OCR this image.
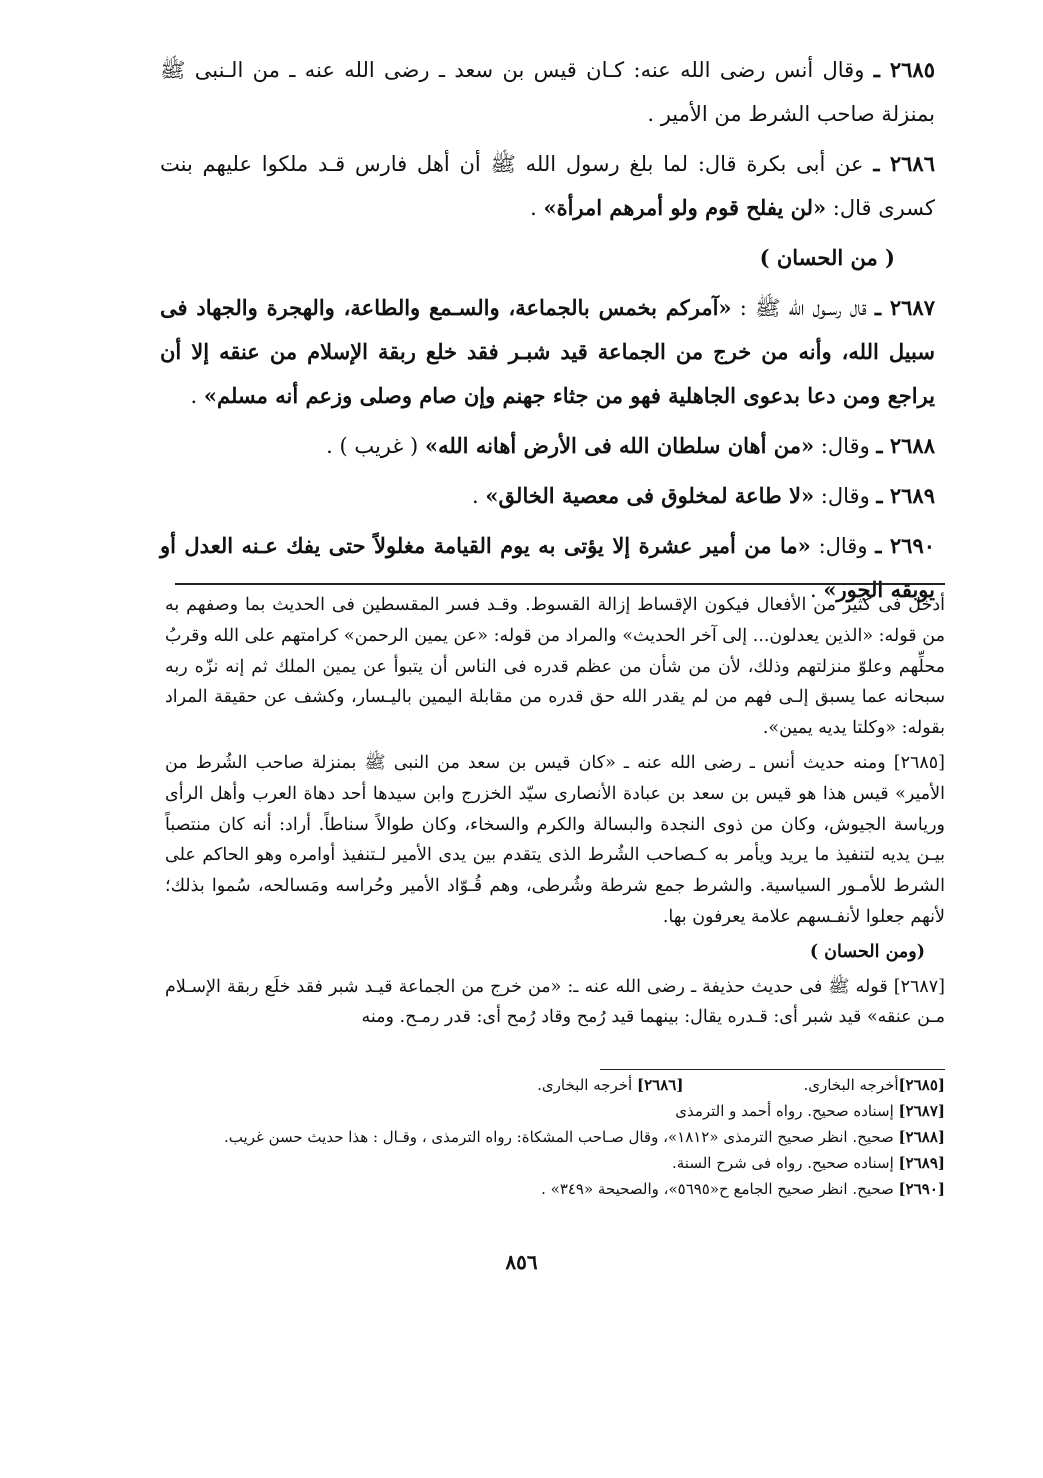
٢٦٨٥ ـ وقال أنس رضى الله عنه: كـان قيس بن سعد ـ رضى الله عنه ـ من الـنبى ﷺ بمنزلة صاحب الشرط من الأمير .

٢٦٨٦ ـ عن أبى بكرة قال: لما بلغ رسول الله ﷺ أن أهل فارس قـد ملكوا عليهم بنت كسرى قال: «لن يفلح قوم ولو أمرهم امرأة» .

( من الحسان )

٢٦٨٧ ـ قال رسـول الله ﷺ : «آمركم بخمس بالجماعة، والسـمع والطاعة، والهجرة والجهاد فى سبيل الله، وأنه من خرج من الجماعة قيد شبـر فقد خلع ربقة الإسلام من عنقه إلا أن يراجع ومن دعا بدعوى الجاهلية فهو من جثاء جهنم وإن صام وصلى وزعم أنه مسلم» .

٢٦٨٨ ـ وقال: «من أهان سلطان الله فى الأرض أهانه الله» ( غريب ) .

٢٦٨٩ ـ وقال: «لا طاعة لمخلوق فى معصية الخالق» .

٢٦٩٠ ـ وقال: «ما من أمير عشرة إلا يؤتى به يوم القيامة مغلولاً حتى يفك عـنه العدل أو يوبقه الجور» .

أدخل فى كثير من الأفعال فيكون الإقساط إزالة القسوط. وقـد فسر المقسطين فى الحديث بما وصفهم به من قوله: «الذين يعدلون... إلى آخر الحديث» والمراد من قوله: «عن يمين الرحمن» كرامتهم على الله وقربُ محلِّهم وعلوّ منزلتهم وذلك، لأن من شأن من عظم قدره فى الناس أن يتبوأ عن يمين الملك ثم إنه نزّه ربه سبحانه عما يسبق إلـى فهم من لم يقدر الله حق قدره من مقابلة اليمين باليـسار، وكشف عن حقيقة المراد بقوله: «وكلتا يديه يمين».

[٢٦٨٥] ومنه حديث أنس ـ رضى الله عنه ـ «كان قيس بن سعد من النبى ﷺ بمنزلة صاحب الشُرط من الأمير» قيس هذا هو قيس بن سعد بن عبادة الأنصارى سيّد الخزرج وابن سيدها أحد دهاة العرب وأهل الرأى ورياسة الجيوش، وكان من ذوى النجدة والبسالة والكرم والسخاء، وكان طوالاً سناطاً. أراد: أنه كان منتصباً بيـن يديه لتنفيذ ما يريد ويأمر به كـصاحب الشُرط الذى يتقدم بين يدى الأمير لـتنفيذ أوامره وهو الحاكم على الشرط للأمـور السياسية. والشرط جمع شرطة وشُرطى، وهم قُـوّاد الأمير وحُراسه ومَسالحه، سُموا بذلك؛ لأنهم جعلوا لأنفـسهم علامة يعرفون بها.

(ومن الحسان )

[٢٦٨٧] قوله ﷺ فى حديث حذيفة ـ رضى الله عنه ـ: «من خرج من الجماعة قيـد شبر فقد خلَع ربقة الإسـلام مـن عنقه» قيد شبر أى: قـدره يقال: بينهما قيد رُمح وقاد رُمح أى: قدر رمـح. ومنه

[٢٦٨٥]أخرجه البخارى.
[٢٦٨٦] أخرجه البخارى.

[٢٦٨٧] إسناده صحيح. رواه أحمد و الترمذى

[٢٦٨٨] صحيح. انظر صحيح الترمذى «١٨١٢»، وقال صـاحب المشكاة: رواه الترمذى ، وقـال : هذا حديث حسن غريب.

[٢٦٨٩] إسناده صحيح. رواه فى شرح السنة.

[٢٦٩٠] صحيح. انظر صحيح الجامع ح«٥٦٩٥»، والصحيحة «٣٤٩» .

٨٥٦
